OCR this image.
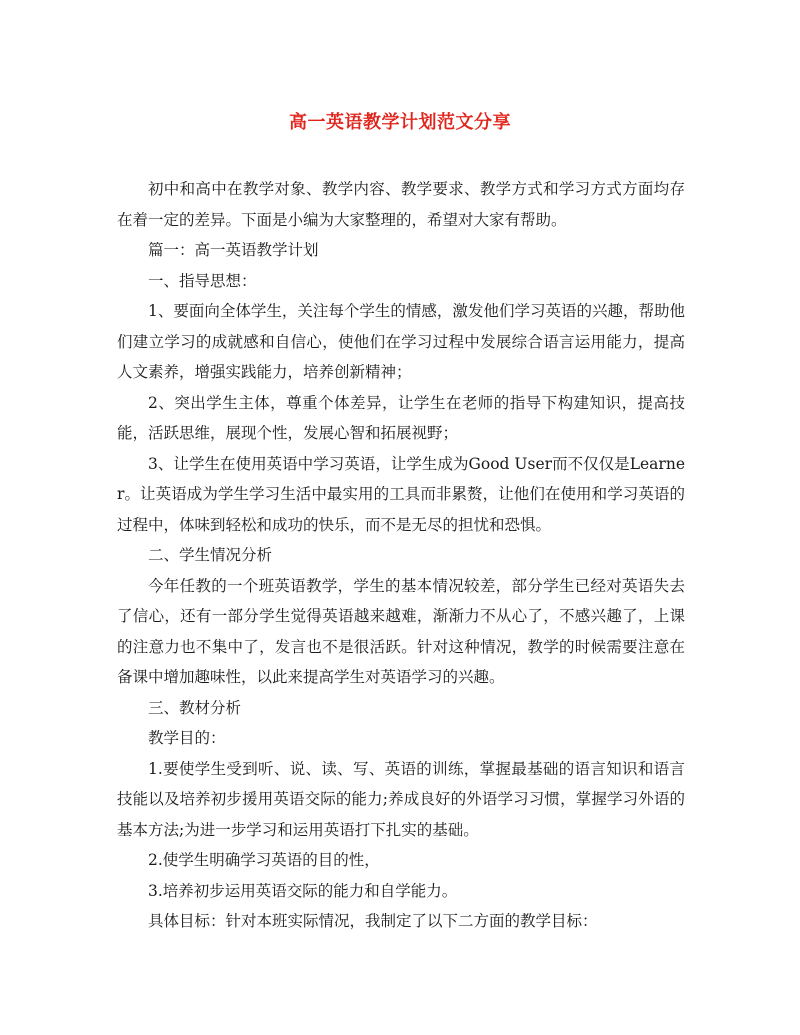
高一英语教学计划范文分享

初中和高中在教学对象、教学内容、教学要求、教学方式和学习方式方面均存在着一定的差异。下面是小编为大家整理的，希望对大家有帮助。

篇一：高一英语教学计划

一、指导思想：

1、要面向全体学生，关注每个学生的情感，激发他们学习英语的兴趣，帮助他们建立学习的成就感和自信心，使他们在学习过程中发展综合语言运用能力，提高人文素养，增强实践能力，培养创新精神；

2、突出学生主体，尊重个体差异，让学生在老师的指导下构建知识，提高技能，活跃思维，展现个性，发展心智和拓展视野；

3、让学生在使用英语中学习英语，让学生成为Good User而不仅仅是Learner。让英语成为学生学习生活中最实用的工具而非累赘，让他们在使用和学习英语的过程中，体味到轻松和成功的快乐，而不是无尽的担忧和恐惧。

二、学生情况分析

今年任教的一个班英语教学，学生的基本情况较差，部分学生已经对英语失去了信心，还有一部分学生觉得英语越来越难，渐渐力不从心了，不感兴趣了，上课的注意力也不集中了，发言也不是很活跃。针对这种情况，教学的时候需要注意在备课中增加趣味性，以此来提高学生对英语学习的兴趣。

三、教材分析

教学目的：

1.要使学生受到听、说、读、写、英语的训练，掌握最基础的语言知识和语言技能以及培养初步援用英语交际的能力;养成良好的外语学习习惯，掌握学习外语的基本方法;为进一步学习和运用英语打下扎实的基础。

2.使学生明确学习英语的目的性，

3.培养初步运用英语交际的能力和自学能力。

具体目标：针对本班实际情况，我制定了以下二方面的教学目标：
